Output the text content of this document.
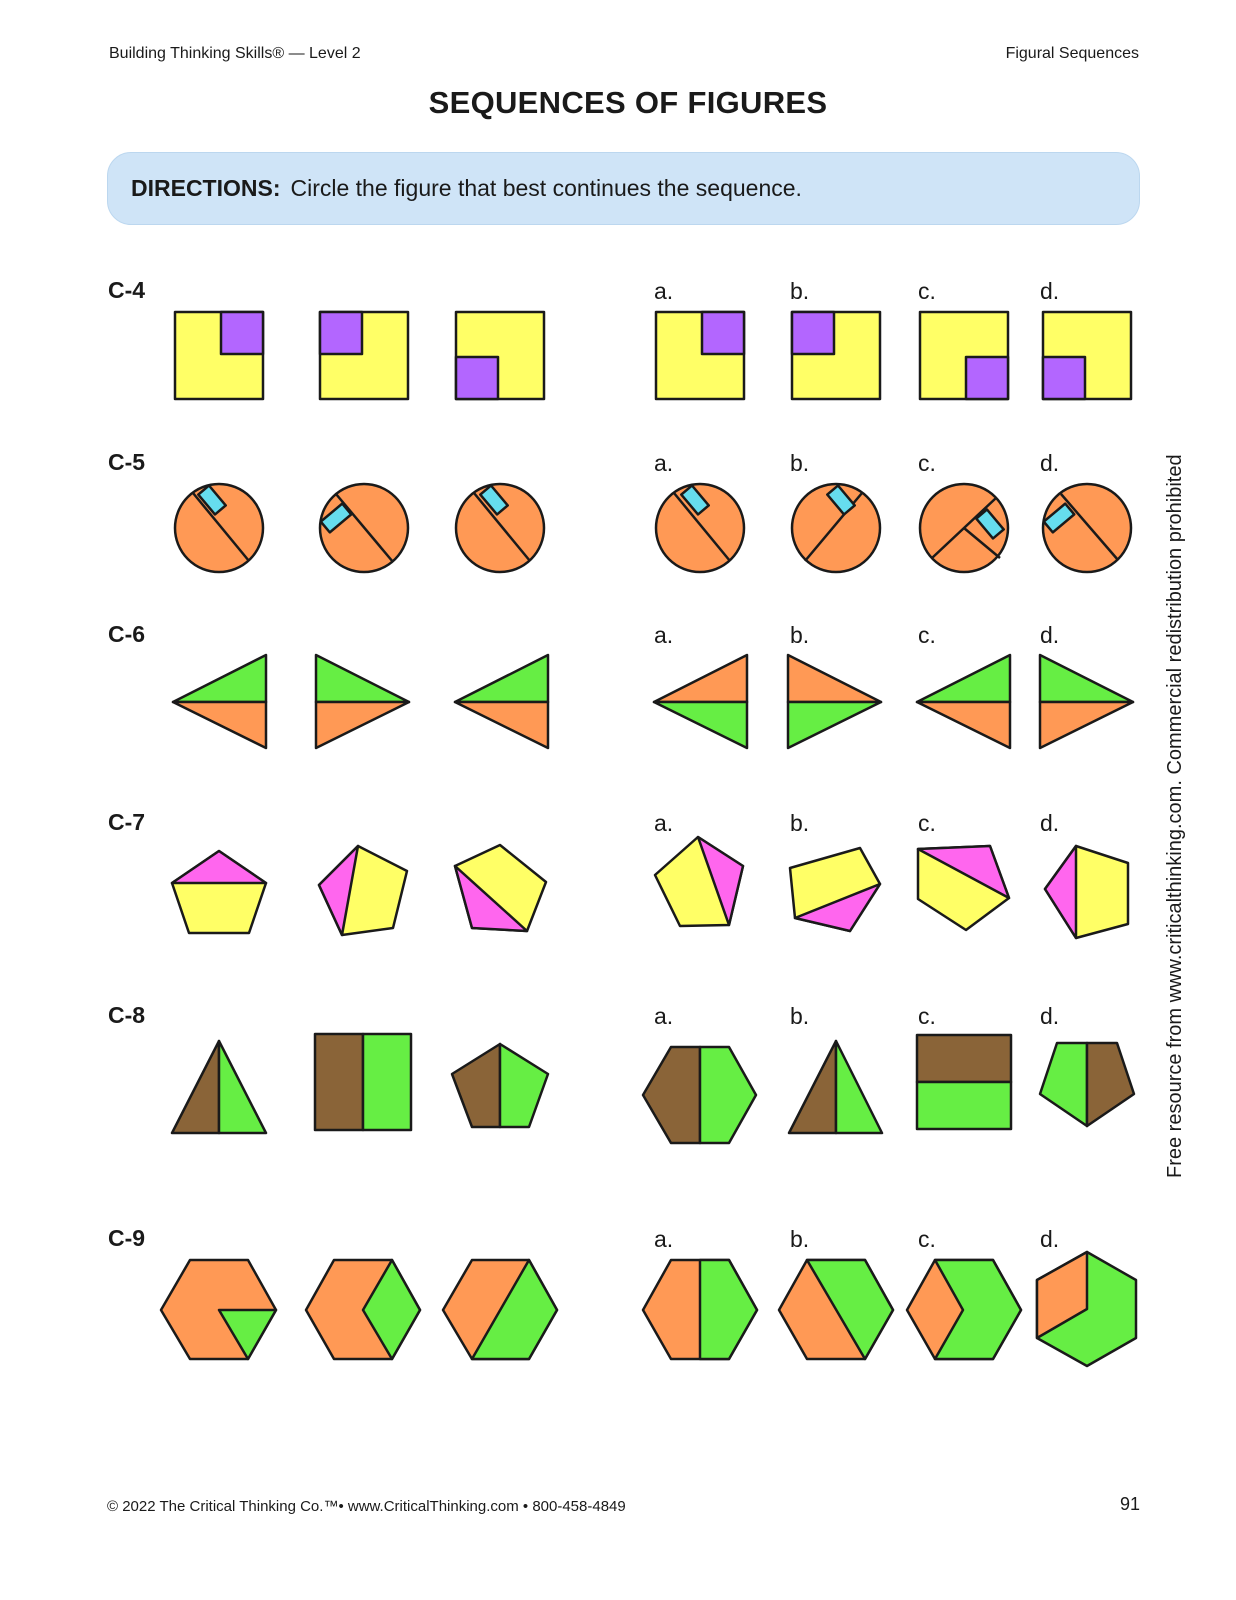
Building Thinking Skills® — Level 2	Figural Sequences
SEQUENCES OF FIGURES
DIRECTIONS: Circle the figure that best continues the sequence.
C-4
C-5
C-6
C-7
C-8
C-9
a.	b.	c.	d.
a.	b.	c.	d.
a.	b.	c.	d.
a.	b.	c.	d.
a.	b.	c.	d.
a.	b.	c.	d.
Free resource from www.criticalthinking.com. Commercial redistribution prohibited
© 2022 The Critical Thinking Co.™• www.CriticalThinking.com • 800-458-4849	91
